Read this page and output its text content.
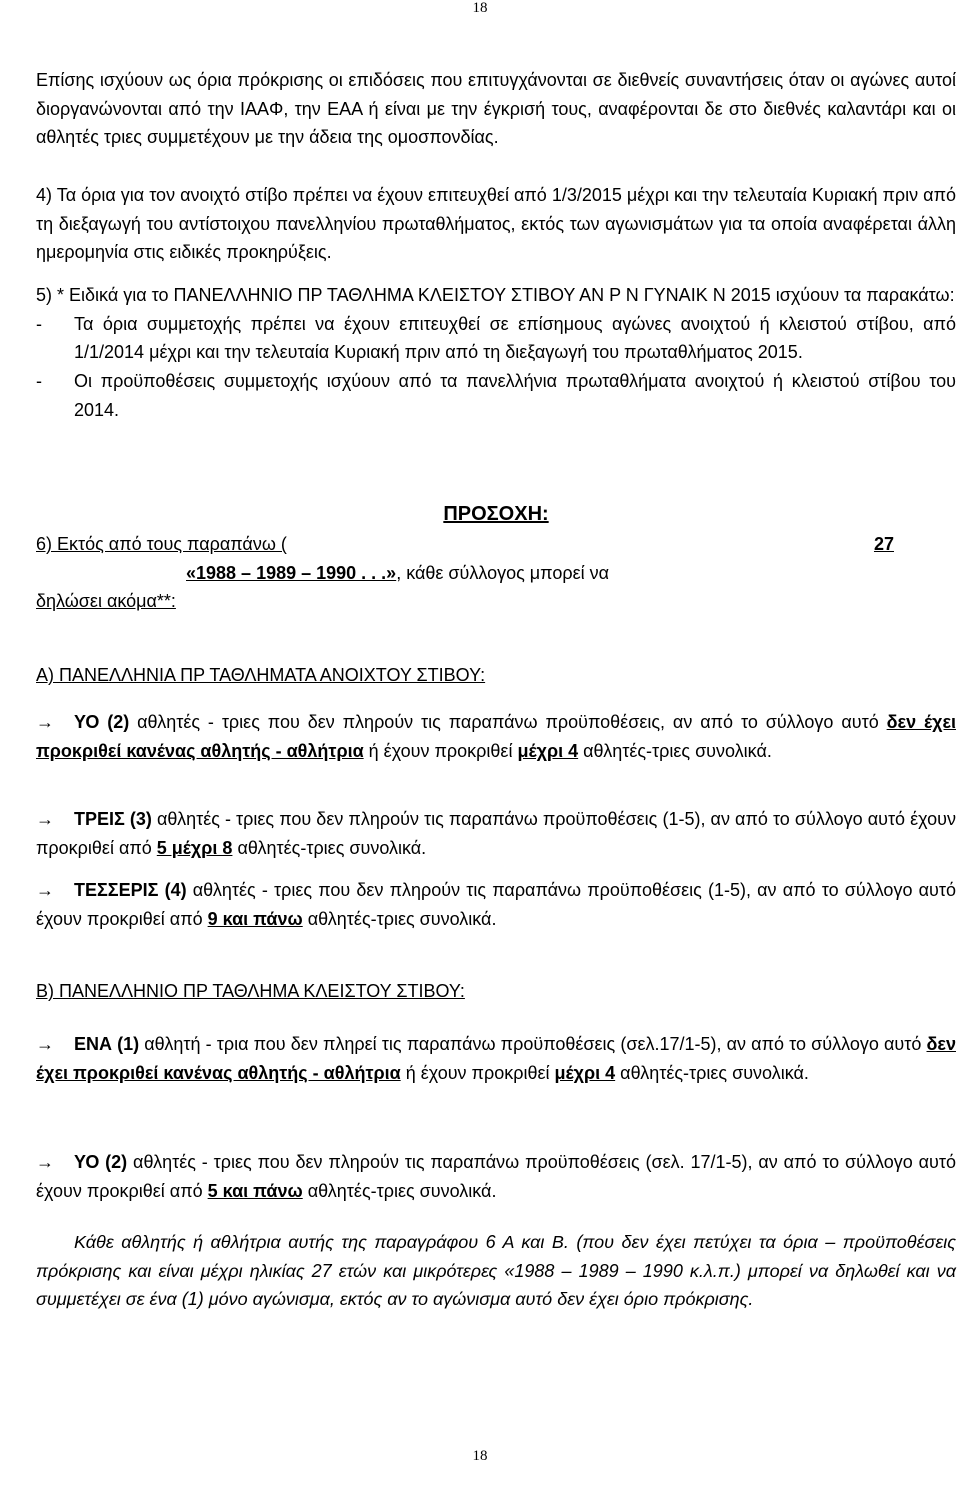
18
Επίσης ισχύουν ως όρια πρόκρισης οι επιδόσεις που επιτυγχάνονται σε διεθνείς συναντήσεις όταν οι αγώνες αυτοί διοργανώνονται από την IAAΦ, την ΕΑΑ ή είναι με την έγκρισή τους, αναφέρονται δε στο διεθνές καλαντάρι και οι αθλητές τριες συμμετέχουν με την άδεια της ομοσπονδίας.
4) Τα όρια για τον ανοιχτό στίβο πρέπει να έχουν επιτευχθεί από 1/3/2015 μέχρι και την τελευταία Κυριακή πριν από τη διεξαγωγή του αντίστοιχου πανελληνίου πρωταθλήματος, εκτός των αγωνισμάτων για τα οποία αναφέρεται άλλη ημερομηνία στις ειδικές προκηρύξεις.
5) * Ειδικά για το ΠΑΝΕΛΛΗΝΙΟ ΠΡ ΤΑΘΛΗΜΑ ΚΛΕΙΣΤΟΥ ΣΤΙΒΟΥ ΑΝ Ρ Ν ΓΥΝΑΙΚ Ν 2015 ισχύουν τα παρακάτω:
- Τα όρια συμμετοχής πρέπει να έχουν επιτευχθεί σε επίσημους αγώνες ανοιχτού ή κλειστού στίβου, από 1/1/2014 μέχρι και την τελευταία Κυριακή πριν από τη διεξαγωγή του πρωταθλήματος 2015.
- Οι προϋποθέσεις συμμετοχής ισχύουν από τα πανελλήνια πρωταθλήματα ανοιχτού ή κλειστού στίβου του 2014.
ΠΡΟΣΟΧΗ:
6) Εκτός από τους παραπάνω (	27
«1988 – 1989 – 1990 . . .», κάθε σύλλογος μπορεί να
δηλώσει ακόμα**:
Α) ΠΑΝΕΛΛΗΝΙΑ ΠΡ ΤΑΘΛΗΜΑΤΑ ΑΝΟΙΧΤΟΥ ΣΤΙΒΟΥ:
→ ΥΟ (2) αθλητές - τριες που δεν πληρούν τις παραπάνω προϋποθέσεις, αν από το σύλλογο αυτό δεν έχει προκριθεί κανένας αθλητής - αθλήτρια ή έχουν προκριθεί μέχρι 4 αθλητές-τριες συνολικά.
→ ΤΡΕΙΣ (3) αθλητές - τριες που δεν πληρούν τις παραπάνω προϋποθέσεις (1-5), αν από το σύλλογο αυτό έχουν προκριθεί από 5 μέχρι 8 αθλητές-τριες συνολικά.
→ ΤΕΣΣΕΡΙΣ (4) αθλητές - τριες που δεν πληρούν τις παραπάνω προϋποθέσεις (1-5), αν από το σύλλογο αυτό έχουν προκριθεί από 9 και πάνω αθλητές-τριες συνολικά.
Β) ΠΑΝΕΛΛΗΝΙΟ ΠΡ ΤΑΘΛΗΜΑ ΚΛΕΙΣΤΟΥ ΣΤΙΒΟΥ:
→ ΕΝΑ (1) αθλητή - τρια που δεν πληρεί τις παραπάνω προϋποθέσεις (σελ.17/1-5), αν από το σύλλογο αυτό δεν έχει προκριθεί κανένας αθλητής - αθλήτρια ή έχουν προκριθεί μέχρι 4 αθλητές-τριες συνολικά.
→ ΥΟ (2) αθλητές - τριες που δεν πληρούν τις παραπάνω προϋποθέσεις (σελ. 17/1-5), αν από το σύλλογο αυτό έχουν προκριθεί από 5 και πάνω αθλητές-τριες συνολικά.
Κάθε αθλητής ή αθλήτρια αυτής της παραγράφου 6 Α και Β. (που δεν έχει πετύχει τα όρια – προϋποθέσεις πρόκρισης και είναι μέχρι ηλικίας 27 ετών και μικρότερες «1988 – 1989 – 1990 κ.λ.π.) μπορεί να δηλωθεί και να συμμετέχει σε ένα (1) μόνο αγώνισμα, εκτός αν το αγώνισμα αυτό δεν έχει όριο πρόκρισης.
18
